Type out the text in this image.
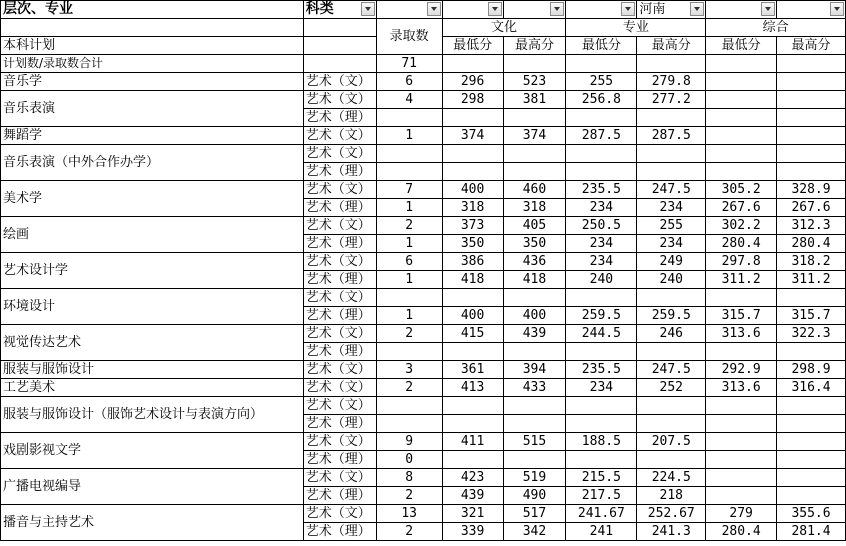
层次、专业	科类					河南

		录取数	文化		专业		综合	
本科计划			最低分	最高分	最低分	最高分	最低分	最高分
计划数/录取数合计		71						
音乐学	艺术（文）	6	296	523	255	279.8		
音乐表演	艺术（文）	4	298	381	256.8	277.2		
	艺术（理）							
舞蹈学	艺术（文）	1	374	374	287.5	287.5		
音乐表演（中外合作办学）	艺术（文）							
	艺术（理）							
美术学	艺术（文）	7	400	460	235.5	247.5	305.2	328.9
	艺术（理）	1	318	318	234	234	267.6	267.6
绘画	艺术（文）	2	373	405	250.5	255	302.2	312.3
	艺术（理）	1	350	350	234	234	280.4	280.4
艺术设计学	艺术（文）	6	386	436	234	249	297.8	318.2
	艺术（理）	1	418	418	240	240	311.2	311.2
环境设计	艺术（文）							
	艺术（理）	1	400	400	259.5	259.5	315.7	315.7
视觉传达艺术	艺术（文）	2	415	439	244.5	246	313.6	322.3
	艺术（理）							
服装与服饰设计	艺术（文）	3	361	394	235.5	247.5	292.9	298.9
工艺美术	艺术（文）	2	413	433	234	252	313.6	316.4
服装与服饰设计（服饰艺术设计与表演方向）	艺术（文）							
	艺术（理）							
戏剧影视文学	艺术（文）	9	411	515	188.5	207.5		
	艺术（理）	0						
广播电视编导	艺术（文）	8	423	519	215.5	224.5		
	艺术（理）	2	439	490	217.5	218		
播音与主持艺术	艺术（文）	13	321	517	241.67	252.67	279	355.6
	艺术（理）	2	339	342	241	241.3	280.4	281.4
